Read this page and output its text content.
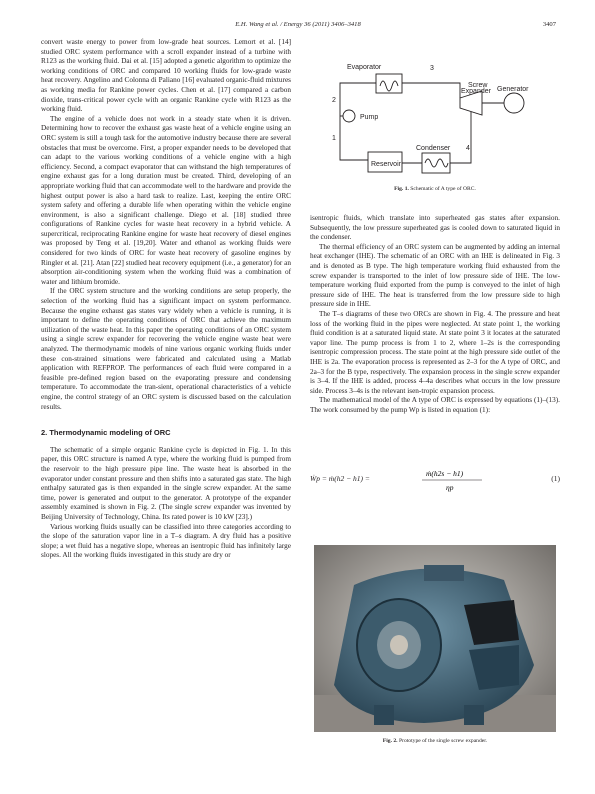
E.H. Wang et al. / Energy 36 (2011) 3406–3418	3407

convert waste energy to power from low-grade heat sources. Lemort et al. [14] studied ORC system performance with a scroll expander instead of a turbine with R123 as the working fluid. Dai et al. [15] adopted a genetic algorithm to optimize the working conditions of ORC and compared 10 working fluids for low-grade waste heat recovery. Angelino and Colonna di Paliano [16] evaluated organic-fluid mixtures as working media for Rankine power cycles. Chen et al. [17] compared a carbon dioxide, trans-critical power cycle with an organic Rankine cycle with R123 as the working fluid.

The engine of a vehicle does not work in a steady state when it is driven. Determining how to recover the exhaust gas waste heat of a vehicle engine using an ORC system is still a tough task for the automotive industry because there are several obstacles that must be overcome. First, a proper expander needs to be developed that can adapt to the various working conditions of a vehicle engine with a high efficiency. Second, a compact evaporator that can withstand the high temperatures of engine exhaust gas for a long duration must be created. Third, developing of an appropriate working fluid that can accommodate well to the hardware and provide the highest output power is also a hard task to realize. Last, keeping the entire ORC system safety and offering a durable life when operating within the vehicle engine environment, is also a significant challenge. Diego et al. [18] studied three configurations of Rankine cycles for waste heat recovery in a hybrid vehicle. A supercritical, reciprocating Rankine engine for waste heat recovery of diesel engines was proposed by Teng et al. [19,20]. Water and ethanol as working fluids were considered for two kinds of ORC for waste heat recovery of gasoline engines by Ringler et al. [21]. Atan [22] studied heat recovery equipment (i.e., a generator) for an absorption air-conditioning system when the working fluid was a combination of water and lithium bromide.

If the ORC system structure and the working conditions are setup properly, the selection of the working fluid has a significant impact on system performance. Because the engine exhaust gas states vary widely when a vehicle is running, it is important to define the operating conditions of ORC that achieve the maximum utilization of the waste heat. In this paper the operating conditions of an ORC system using a single screw expander for recovering the vehicle engine waste heat were analyzed. The thermodynamic models of nine various organic working fluids under these con-strained situations were fabricated and calculated using a Matlab application with REFPROP. The performances of each fluid were compared in a feasible pre-defined region based on the evaporating pressure and condensing temperature. To accommodate the tran-sient, operational characteristics of a vehicle engine, the control strategy of an ORC system is discussed based on the calculation results.

2. Thermodynamic modeling of ORC

The schematic of a simple organic Rankine cycle is depicted in Fig. 1. In this paper, this ORC structure is named A type, where the working fluid is pumped from the reservoir to the high pressure pipe line. The waste heat is absorbed in the evaporator under constant pressure and then shifts into a saturated gas state. The high enthalpy saturated gas is then expanded in the single screw expander. At the same time, power is generated and output to the generator. A prototype of the expander assembly examined is shown in Fig. 2. (The single screw expander was invented by Beijing University of Technology, China. Its rated power is 10 kW [23].)

Various working fluids usually can be classified into three categories according to the slope of the saturation vapor line in a T–s diagram. A dry fluid has a positive slope; a wet fluid has a negative slope, whereas an isentropic fluid has infinitely large slopes. All the working fluids investigated in this study are dry or

Evaporator	3
Screw
Expander Generator
2
Pump
1
Reservoir
Condenser 4
Fig. 1. Schematic of A type of ORC.

isentropic fluids, which translate into superheated gas states after expansion. Subsequently, the low pressure superheated gas is cooled down to saturated liquid in the condenser.

The thermal efficiency of an ORC system can be augmented by adding an internal heat exchanger (IHE). The schematic of an ORC with an IHE is delineated in Fig. 3 and is denoted as B type. The high temperature working fluid exhausted from the screw expander is transported to the inlet of low pressure side of IHE. The low-temperature working fluid exported from the pump is conveyed to the inlet of high pressure side of IHE. The heat is transferred from the low pressure side to high pressure side in IHE.

The T–s diagrams of these two ORCs are shown in Fig. 4. The pressure and heat loss of the working fluid in the pipes were neglected. At state point 1, the working fluid condition is at a saturated liquid state. At state point 3 it locates at the saturated vapor line. The pump process is from 1 to 2, where 1–2s is the corresponding isentropic compression process. The state point at the high pressure side outlet of the IHE is 2a. The evaporation process is represented as 2–3 for the A type of ORC, and 2a–3 for the B type, respectively. The expansion process in the single screw expander is 3–4. If the IHE is added, process 4–4a describes what occurs in the low pressure side. Process 3–4s is the relevant isen-tropic expansion process.

The mathematical model of the A type of ORC is expressed by equations (1)–(13). The work consumed by the pump Wp is listed in equation (1):

Ẇp = ṁ(h2 − h1) =
ṁ(h2s − h1)
ηp
(1)
Fig. 2. Prototype of the single screw expander.
